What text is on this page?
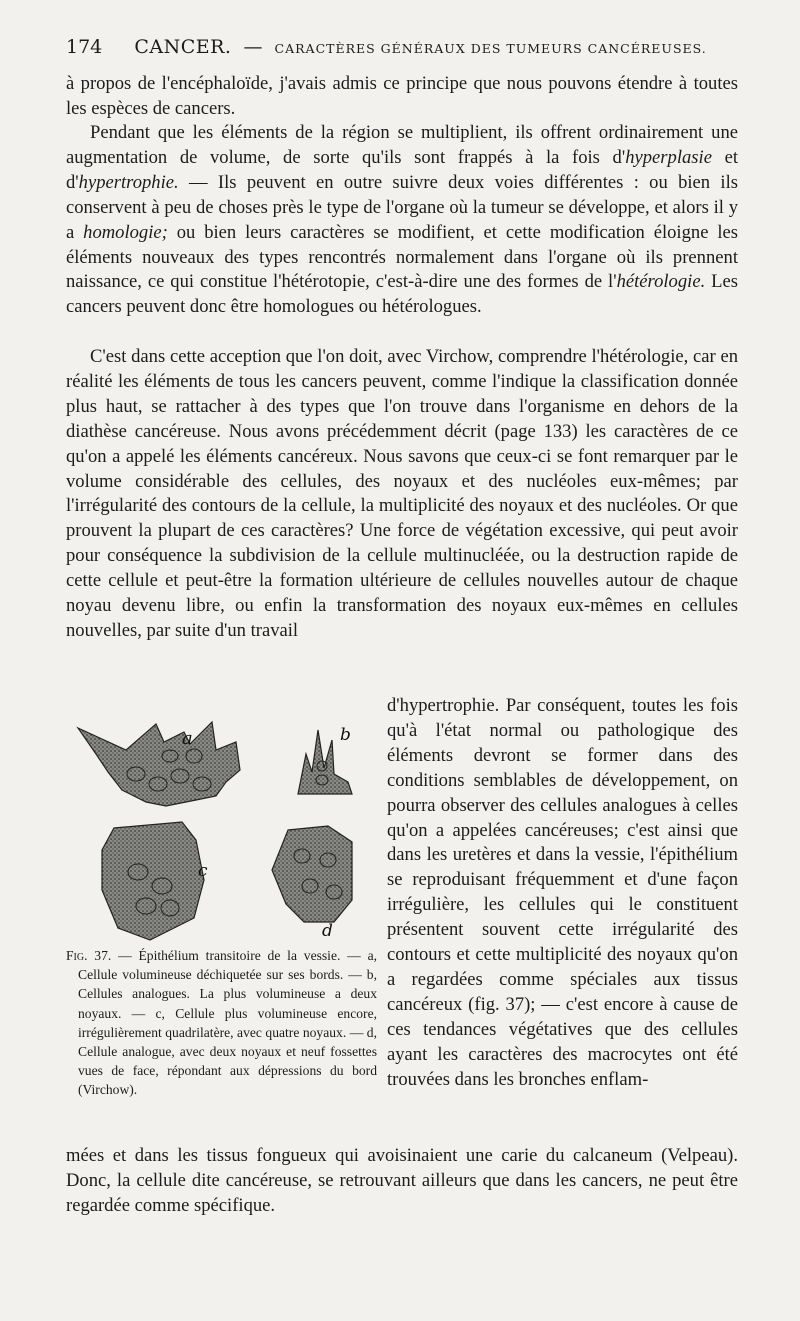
174 CANCER. — CARACTÈRES GÉNÉRAUX DES TUMEURS CANCÉREUSES.

à propos de l'encéphaloïde, j'avais admis ce principe que nous pouvons étendre à toutes les espèces de cancers.

Pendant que les éléments de la région se multiplient, ils offrent ordinairement une augmentation de volume, de sorte qu'ils sont frappés à la fois d'hyperplasie et d'hypertrophie. — Ils peuvent en outre suivre deux voies différentes : ou bien ils conservent à peu de choses près le type de l'organe où la tumeur se développe, et alors il y a homologie; ou bien leurs caractères se modifient, et cette modification éloigne les éléments nouveaux des types rencontrés normalement dans l'organe où ils prennent naissance, ce qui constitue l'hétérotopie, c'est-à-dire une des formes de l'hétérologie. Les cancers peuvent donc être homologues ou hétérologues.

C'est dans cette acception que l'on doit, avec Virchow, comprendre l'hétérologie, car en réalité les éléments de tous les cancers peuvent, comme l'indique la classification donnée plus haut, se rattacher à des types que l'on trouve dans l'organisme en dehors de la diathèse cancéreuse. Nous avons précédemment décrit (page 133) les caractères de ce qu'on a appelé les éléments cancéreux. Nous savons que ceux-ci se font remarquer par le volume considérable des cellules, des noyaux et des nucléoles eux-mêmes; par l'irrégularité des contours de la cellule, la multiplicité des noyaux et des nucléoles. Or que prouvent la plupart de ces caractères? Une force de végétation excessive, qui peut avoir pour conséquence la subdivision de la cellule multinucléée, ou la destruction rapide de cette cellule et peut-être la formation ultérieure de cellules nouvelles autour de chaque noyau devenu libre, ou enfin la transformation des noyaux eux-mêmes en cellules nouvelles, par suite d'un travail

a	b
c
d

Fig. 37. — Épithélium transitoire de la vessie. — a, Cellule volumineuse déchiquetée sur ses bords. — b, Cellules analogues. La plus volumineuse a deux noyaux. — c, Cellule plus volumineuse encore, irrégulièrement quadrilatère, avec quatre noyaux. — d, Cellule analogue, avec deux noyaux et neuf fossettes vues de face, répondant aux dépressions du bord (Virchow).

d'hypertrophie. Par conséquent, toutes les fois qu'à l'état normal ou pathologique des éléments devront se former dans des conditions semblables de développement, on pourra observer des cellules analogues à celles qu'on a appelées cancéreuses; c'est ainsi que dans les uretères et dans la vessie, l'épithélium se reproduisant fréquemment et d'une façon irrégulière, les cellules qui le constituent présentent souvent cette irrégularité des contours et cette multiplicité des noyaux qu'on a regardées comme spéciales aux tissus cancéreux (fig. 37); — c'est encore à cause de ces tendances végétatives que des cellules ayant les caractères des macrocytes ont été trouvées dans les bronches enflam-

mées et dans les tissus fongueux qui avoisinaient une carie du calcaneum (Velpeau). Donc, la cellule dite cancéreuse, se retrouvant ailleurs que dans les cancers, ne peut être regardée comme spécifique.
